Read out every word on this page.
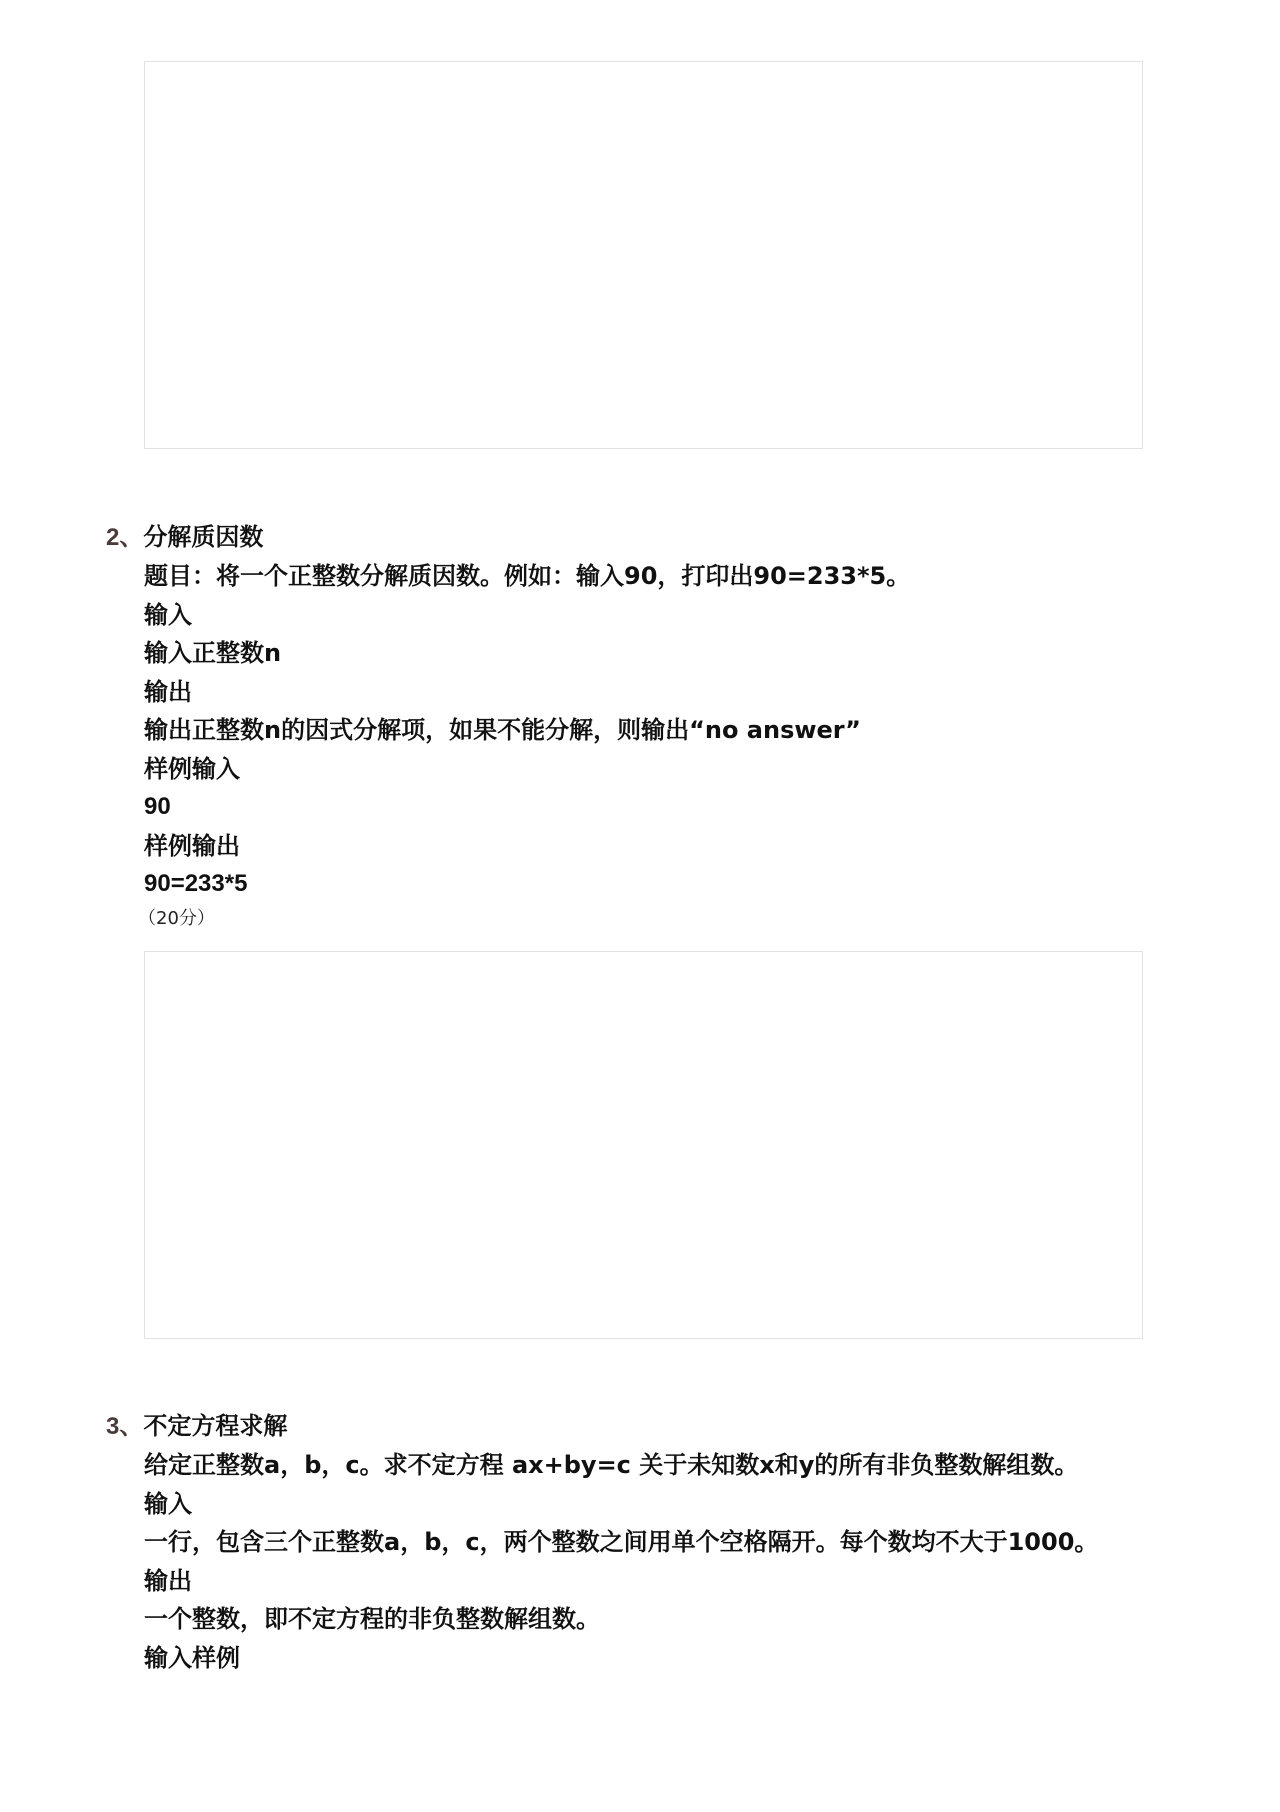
2、分解质因数
题目：将一个正整数分解质因数。例如：输入90，打印出90=233*5。
输入
输入正整数n
输出
输出正整数n的因式分解项，如果不能分解，则输出“no answer”
样例输入
90
样例输出
90=233*5
（20分）
3、不定方程求解
给定正整数a，b，c。求不定方程 ax+by=c 关于未知数x和y的所有非负整数解组数。
输入
一行，包含三个正整数a，b，c，两个整数之间用单个空格隔开。每个数均不大于1000。
输出
一个整数，即不定方程的非负整数解组数。
输入样例
